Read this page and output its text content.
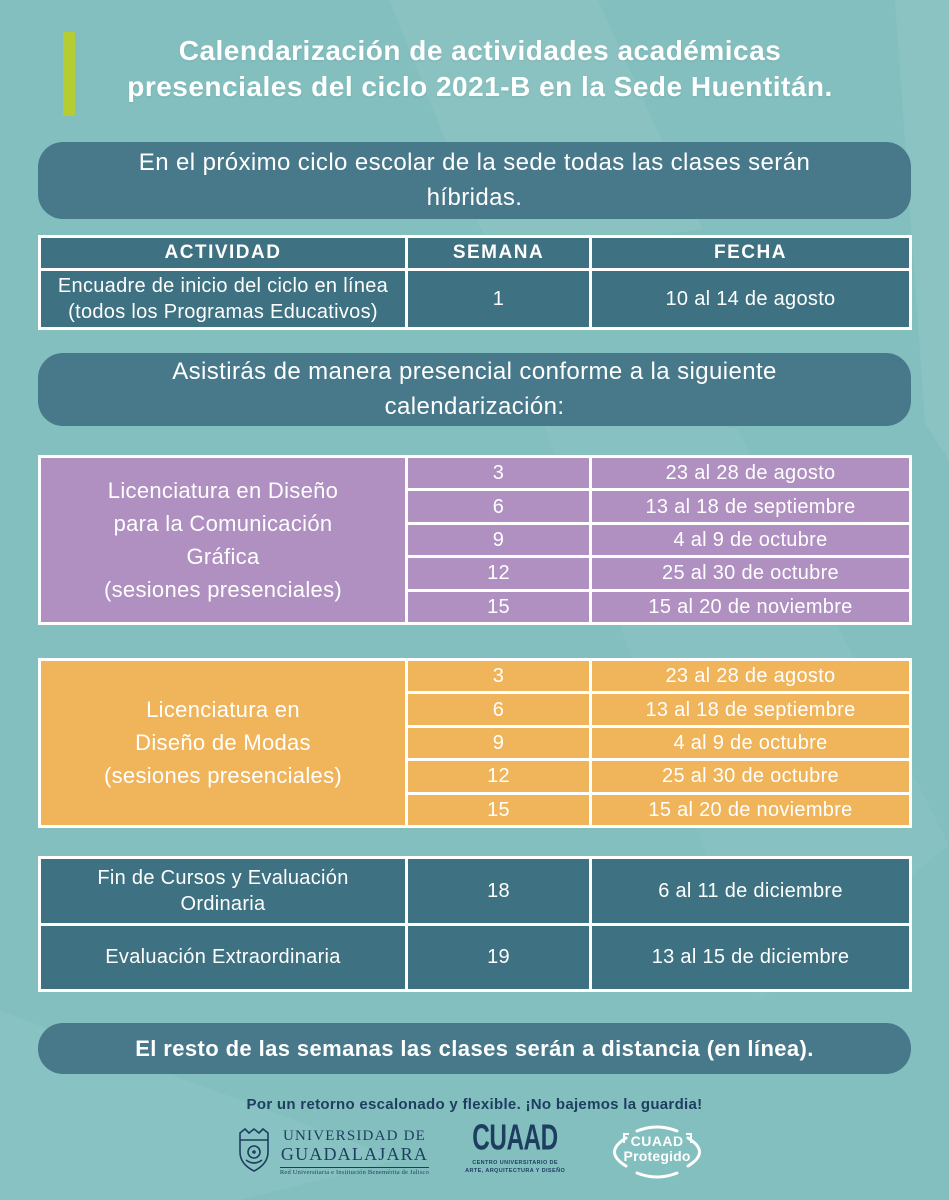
Calendarización de actividades académicas
presenciales del ciclo 2021-B en la Sede Huentitán.
En el próximo ciclo escolar de la sede todas las clases serán
híbridas.
ACTIVIDAD	SEMANA	FECHA
Encuadre de inicio del ciclo en línea
(todos los Programas Educativos)
1	10 al 14 de agosto
Asistirás de manera presencial conforme a la siguiente
calendarización:
Licenciatura en Diseño
para la Comunicación
Gráfica
(sesiones presenciales)
3	23 al 28 de agosto
6	13 al 18 de septiembre
9	4 al 9 de octubre
12	25 al 30 de octubre
15	15 al 20 de noviembre
Licenciatura en
Diseño de Modas
(sesiones presenciales)
3	23 al 28 de agosto
6	13 al 18 de septiembre
9	4 al 9 de octubre
12	25 al 30 de octubre
15	15 al 20 de noviembre
Fin de Cursos y Evaluación
Ordinaria
18	6 al 11 de diciembre
Evaluación Extraordinaria	19	13 al 15 de diciembre
El resto de las semanas las clases serán a distancia (en línea).
Por un retorno escalonado y flexible. ¡No bajemos la guardia!
UNIVERSIDAD DE
GUADALAJARA
Red Universitaria e Institución Benemérita de Jalisco
CUAAD
CENTRO UNIVERSITARIO DE
ARTE, ARQUITECTURA Y DISEÑO
CUAAD
Protegido
